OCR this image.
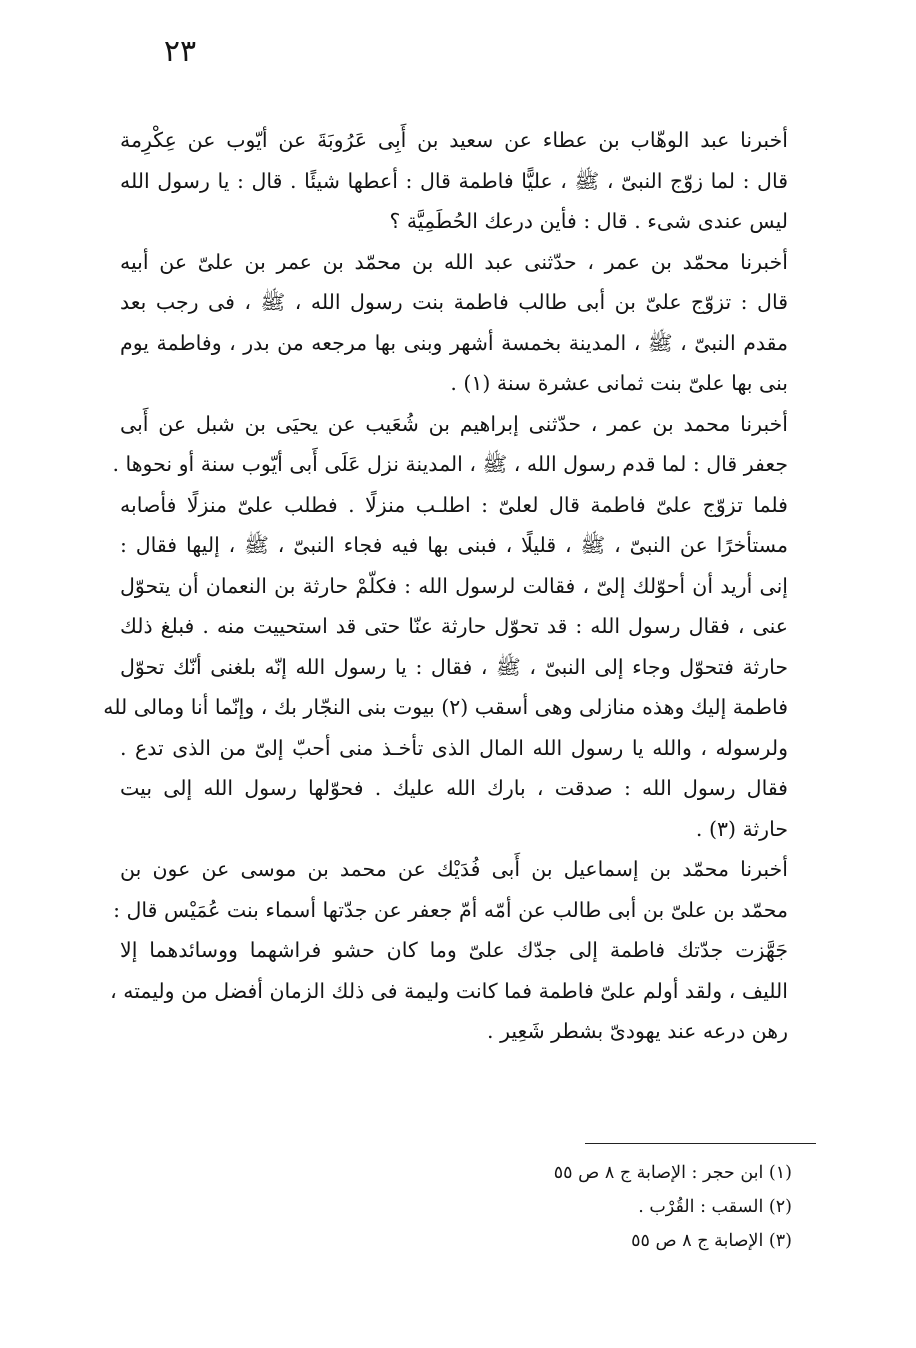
٢٣

أخبرنا عبد الوهّاب بن عطاء عن سعيد بن أَبِى عَرُوبَةَ عن أيّوب عن عِكْرِمة
قال : لما زوّج النبىّ ، ﷺ ، عليًّا فاطمة قال : أعطها شيئًا . قال : يا رسول الله
ليس عندى شىء . قال : فأين درعك الحُطَمِيَّة ؟

أخبرنا محمّد بن عمر ، حدّثنى عبد الله بن محمّد بن عمر بن علىّ عن أبيه
قال : تزوّج علىّ بن أبى طالب فاطمة بنت رسول الله ، ﷺ ، فى رجب بعد
مقدم النبىّ ، ﷺ ، المدينة بخمسة أشهر وبنى بها مرجعه من بدر ، وفاطمة يوم
بنى بها علىّ بنت ثمانى عشرة سنة (١) .

أخبرنا محمد بن عمر ، حدّثنى إبراهيم بن شُعَيب عن يحيَى بن شبل عن أَبى
جعفر قال : لما قدم رسول الله ، ﷺ ، المدينة نزل عَلَى أَبى أيّوب سنة أو نحوها .
فلما تزوّج علىّ فاطمة قال لعلىّ : اطلـب منزلًا . فطلب علىّ منزلًا فأصابه
مستأخرًا عن النبىّ ، ﷺ ، قليلًا ، فبنى بها فيه فجاء النبىّ ، ﷺ ، إليها فقال :
إنى أريد أن أحوّلك إلىّ ، فقالت لرسول الله : فكلّمْ حارثة بن النعمان أن يتحوّل
عنى ، فقال رسول الله : قد تحوّل حارثة عنّا حتى قد استحييت منه . فبلغ ذلك
حارثة فتحوّل وجاء إلى النبىّ ، ﷺ ، فقال : يا رسول الله إنّه بلغنى أنّك تحوّل
فاطمة إليك وهذه منازلى وهى أسقب (٢) بيوت بنى النجّار بك ، وإنّما أنا ومالى لله
ولرسوله ، والله يا رسول الله المال الذى تأخـذ منى أحبّ إلىّ من الذى تدع .
فقال رسول الله : صدقت ، بارك الله عليك . فحوّلها رسول الله إلى بيت
حارثة (٣) .

أخبرنا محمّد بن إسماعيل بن أَبى فُدَيْك عن محمد بن موسى عن عون بن
محمّد بن علىّ بن أبى طالب عن أمّه أمّ جعفر عن جدّتها أسماء بنت عُمَيْس قال :
جَهَّزت جدّتك فاطمة إلى جدّك علىّ وما كان حشو فراشهما ووسائدهما إلا
الليف ، ولقد أولم علىّ فاطمة فما كانت وليمة فى ذلك الزمان أفضل من وليمته ،
رهن درعه عند يهودىّ بشطر شَعِير .

(١) ابن حجر : الإصابة ج ٨ ص ٥٥
(٢) السقب : القُرْب .
(٣) الإصابة ج ٨ ص ٥٥
